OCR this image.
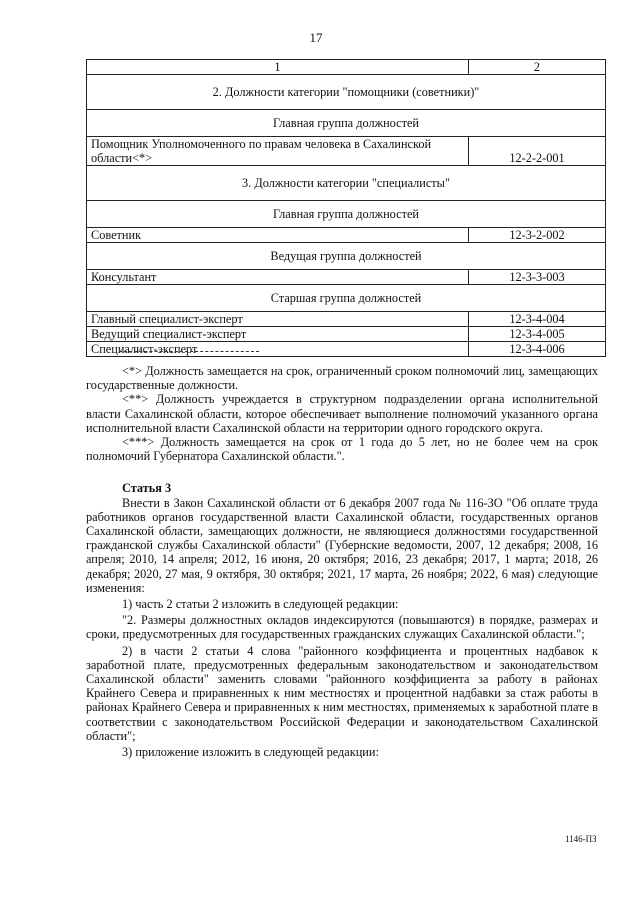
17
1	2
2. Должности категории "помощники (советники)"	
Главная группа должностей	
Помощник Уполномоченного по правам человека в Сахалинской области<*>	12-2-2-001
3. Должности категории "специалисты"	
Главная группа должностей	
Советник	12-3-2-002
Ведущая группа должностей	
Консультант	12-3-3-003
Старшая группа должностей	
Главный специалист-эксперт	12-3-4-004
Ведущий специалист-эксперт	12-3-4-005
Специалист-эксперт	12-3-4-006

<*> Должность замещается на срок, ограниченный сроком полномочий лиц, замещающих государственные должности.

<**> Должность учреждается в структурном подразделении органа исполнительной власти Сахалинской области, которое обеспечивает выполнение полномочий указанного органа исполнительной власти Сахалинской области на территории одного городского округа.

<***> Должность замещается на срок от 1 года до 5 лет, но не более чем на срок полномочий Губернатора Сахалинской области.".

Статья 3

Внести в Закон Сахалинской области от 6 декабря 2007 года № 116-ЗО "Об оплате труда работников органов государственной власти Сахалинской области, государственных органов Сахалинской области, замещающих должности, не являющиеся должностями государственной гражданской службы Сахалинской области" (Губернские ведомости, 2007, 12 декабря; 2008, 16 апреля; 2010, 14 апреля; 2012, 16 июня, 20 октября; 2016, 23 декабря; 2017, 1 марта; 2018, 26 декабря; 2020, 27 мая, 9 октября, 30 октября; 2021, 17 марта, 26 ноября; 2022, 6 мая) следующие изменения:

1) часть 2 статьи 2 изложить в следующей редакции:

"2. Размеры должностных окладов индексируются (повышаются) в порядке, размерах и сроки, предусмотренных для государственных гражданских служащих Сахалинской области.";

2) в части 2 статьи 4 слова "районного коэффициента и процентных надбавок к заработной плате, предусмотренных федеральным законодательством и законодательством Сахалинской области" заменить словами "районного коэффициента за работу в районах Крайнего Севера и приравненных к ним местностях и процентной надбавки за стаж работы в районах Крайнего Севера и приравненных к ним местностях, применяемых к заработной плате в соответствии с законодательством Российской Федерации и законодательством Сахалинской области";

3) приложение изложить в следующей редакции:

1146-ПЗ
